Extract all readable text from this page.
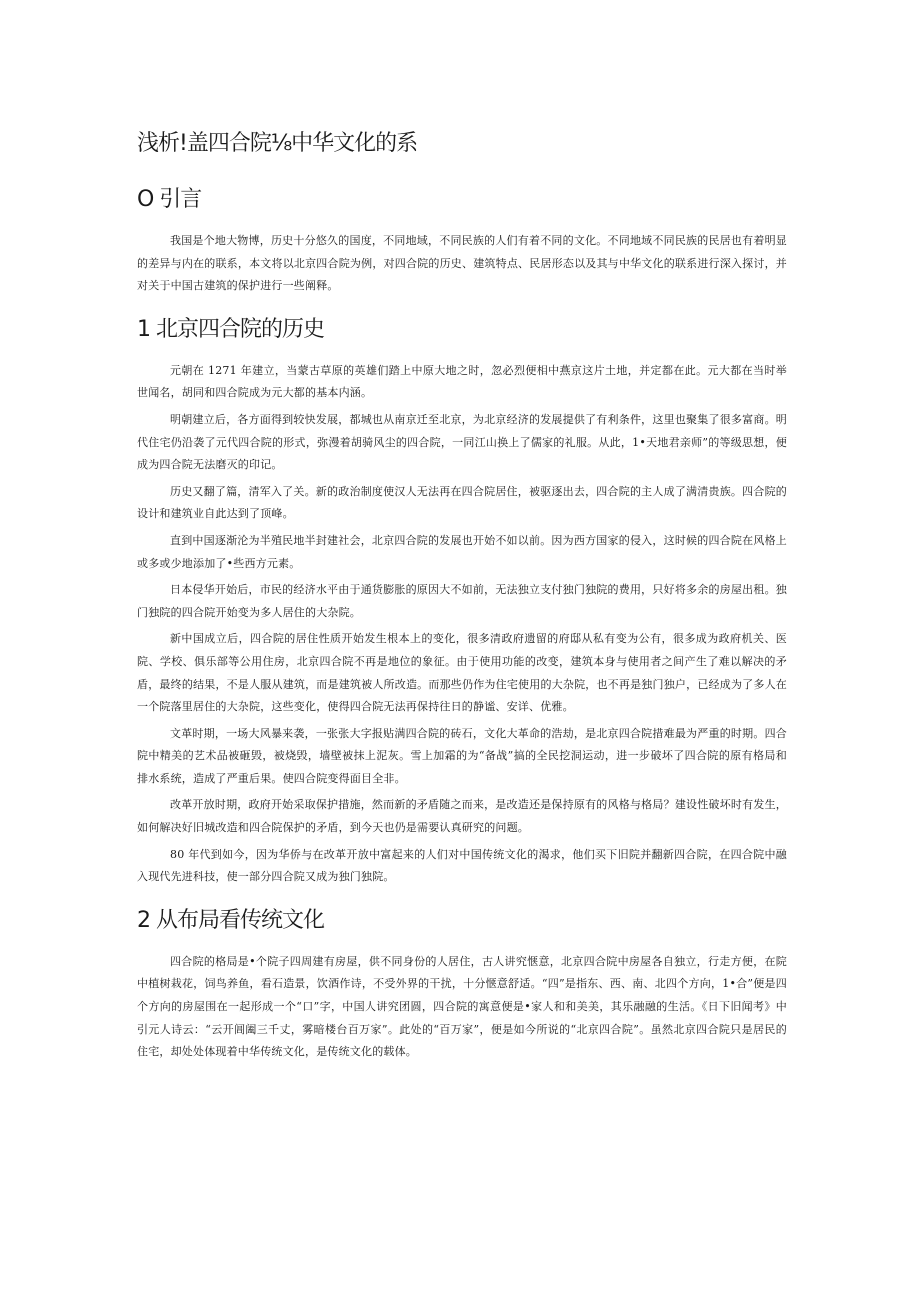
浅析!盖四合院⅛中华文化的系
O 引言

我国是个地大物博，历史十分悠久的国度，不同地域，不同民族的人们有着不同的文化。不同地域不同民族的民居也有着明显的差异与内在的联系，本文将以北京四合院为例，对四合院的历史、建筑特点、民居形态以及其与中华文化的联系进行深入探讨，并对关于中国古建筑的保护进行一些阐释。

1 北京四合院的历史

元朝在 1271 年建立，当蒙古草原的英雄们踏上中原大地之时，忽必烈便相中燕京这片土地，并定都在此。元大都在当时举世闻名，胡同和四合院成为元大都的基本内涵。

明朝建立后，各方面得到较快发展，都城也从南京迁至北京，为北京经济的发展提供了有利条件，这里也聚集了很多富商。明代住宅仍沿袭了元代四合院的形式，弥漫着胡骑风尘的四合院，一同江山换上了儒家的礼服。从此，1•天地君亲师”的等级思想，便成为四合院无法磨灭的印记。

历史又翻了篇，清军入了关。新的政治制度使汉人无法再在四合院居住，被驱逐出去，四合院的主人成了满清贵族。四合院的设计和建筑业自此达到了顶峰。

直到中国逐渐沦为半殖民地半封建社会，北京四合院的发展也开始不如以前。因为西方国家的侵入，这时候的四合院在风格上或多或少地添加了•些西方元素。

日本侵华开始后，市民的经济水平由于通货膨胀的原因大不如前，无法独立支付独门独院的费用，只好将多余的房屋出租。独门独院的四合院开始变为多人居住的大杂院。

新中国成立后，四合院的居住性质开始发生根本上的变化，很多清政府遗留的府邸从私有变为公有，很多成为政府机关、医院、学校、俱乐部等公用住房，北京四合院不再是地位的象征。由于使用功能的改变，建筑本身与使用者之间产生了难以解决的矛盾，最终的结果，不是人服从建筑，而是建筑被人所改造。而那些仍作为住宅使用的大杂院，也不再是独门独户，已经成为了多人在一个院落里居住的大杂院，这些变化，使得四合院无法再保持往日的静谧、安详、优雅。

文革时期，一场大风暴来袭，一张张大字报贴满四合院的砖石，文化大革命的浩劫，是北京四合院措难最为严重的时期。四合院中精美的艺术品被砸毁，被烧毁，墙壁被抹上泥灰。雪上加霜的为“备战”搞的全民挖洞运动，进一步破坏了四合院的原有格局和排水系统，造成了严重后果。使四合院变得面目全非。

改革开放时期，政府开始采取保护措施，然而新的矛盾随之而来，是改造还是保持原有的风格与格局？建设性破坏时有发生，如何解决好旧城改造和四合院保护的矛盾，到今天也仍是需要认真研究的问题。

80 年代到如今，因为华侨与在改革开放中富起来的人们对中国传统文化的渴求，他们买下旧院并翻新四合院，在四合院中融入现代先进科技，使一部分四合院又成为独门独院。

2 从布局看传统文化

四合院的格局是•个院子四周建有房屋，供不同身份的人居住，古人讲究惬意，北京四合院中房屋各自独立，行走方便，在院中植树栽花，饲鸟养鱼，看石造景，饮酒作诗，不受外界的干扰，十分惬意舒适。“四”是指东、西、南、北四个方向，1•合”便是四个方向的房屋围在一起形成一个“口”字，中国人讲究团圆，四合院的寓意便是•家人和和美美，其乐融融的生活。《日下旧闻考》中引元人诗云：“云开阊阖三千丈，雾暗楼台百万家”。此处的“百万家”，便是如今所说的“北京四合院”。虽然北京四合院只是居民的住宅，却处处体现着中华传统文化，是传统文化的载体。
